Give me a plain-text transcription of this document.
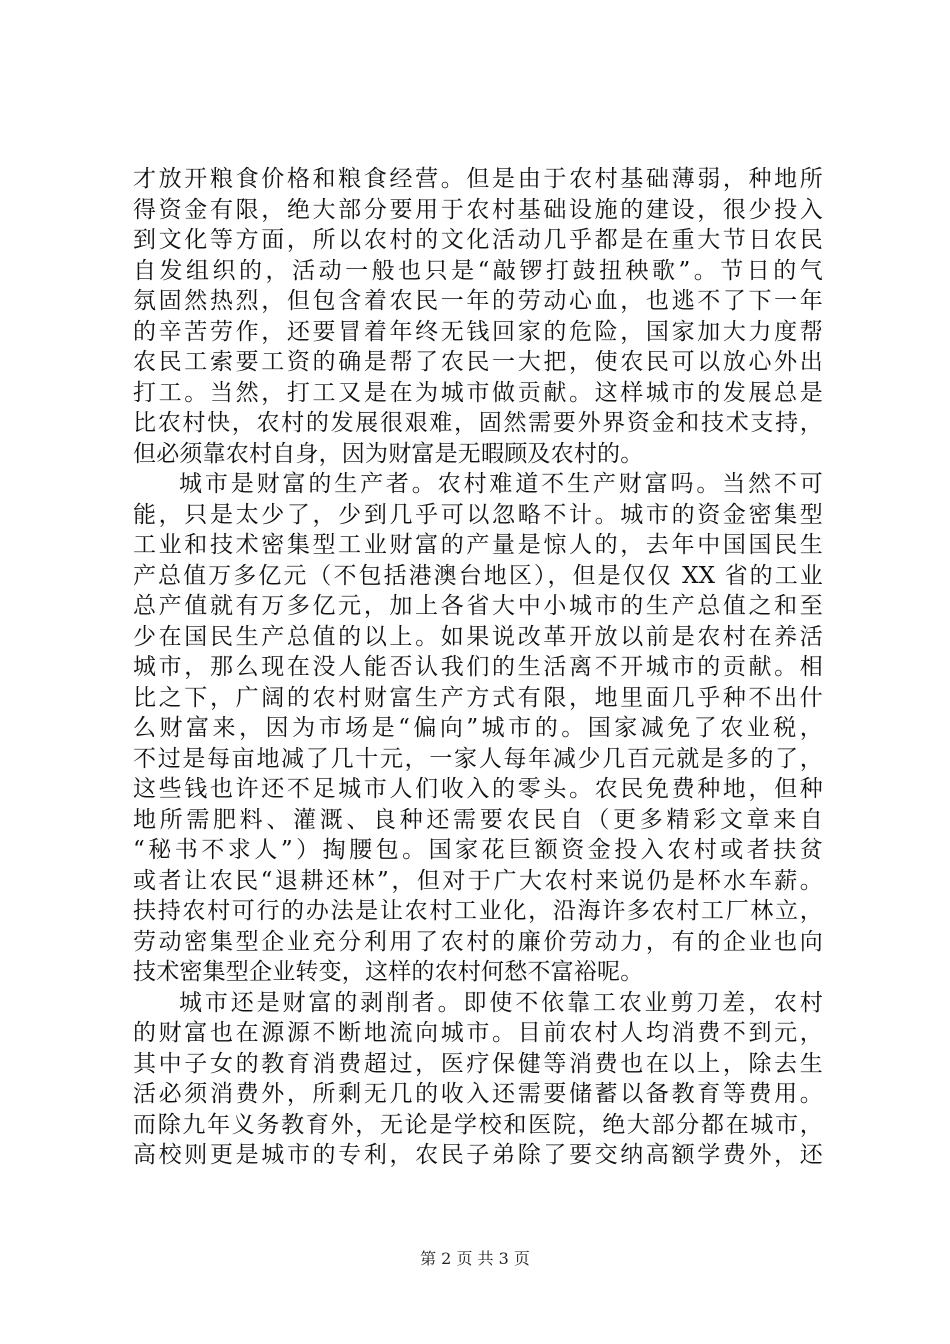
才放开粮食价格和粮食经营。但是由于农村基础薄弱，种地所
得资金有限，绝大部分要用于农村基础设施的建设，很少投入
到文化等方面，所以农村的文化活动几乎都是在重大节日农民
自发组织的，活动一般也只是“敲锣打鼓扭秧歌”。节日的气
氛固然热烈，但包含着农民一年的劳动心血，也逃不了下一年
的辛苦劳作，还要冒着年终无钱回家的危险，国家加大力度帮
农民工索要工资的确是帮了农民一大把，使农民可以放心外出
打工。当然，打工又是在为城市做贡献。这样城市的发展总是
比农村快，农村的发展很艰难，固然需要外界资金和技术支持，
但必须靠农村自身，因为财富是无暇顾及农村的。
城市是财富的生产者。农村难道不生产财富吗。当然不可
能，只是太少了，少到几乎可以忽略不计。城市的资金密集型
工业和技术密集型工业财富的产量是惊人的，去年中国国民生
产总值万多亿元（不包括港澳台地区），但是仅仅 XX 省的工业
总产值就有万多亿元，加上各省大中小城市的生产总值之和至
少在国民生产总值的以上。如果说改革开放以前是农村在养活
城市，那么现在没人能否认我们的生活离不开城市的贡献。相
比之下，广阔的农村财富生产方式有限，地里面几乎种不出什
么财富来，因为市场是“偏向”城市的。国家减免了农业税，
不过是每亩地减了几十元，一家人每年减少几百元就是多的了，
这些钱也许还不足城市人们收入的零头。农民免费种地，但种
地所需肥料、灌溉、良种还需要农民自（更多精彩文章来自
“秘书不求人”）掏腰包。国家花巨额资金投入农村或者扶贫
或者让农民“退耕还林”，但对于广大农村来说仍是杯水车薪。
扶持农村可行的办法是让农村工业化，沿海许多农村工厂林立，
劳动密集型企业充分利用了农村的廉价劳动力，有的企业也向
技术密集型企业转变，这样的农村何愁不富裕呢。
城市还是财富的剥削者。即使不依靠工农业剪刀差，农村
的财富也在源源不断地流向城市。目前农村人均消费不到元，
其中子女的教育消费超过，医疗保健等消费也在以上，除去生
活必须消费外，所剩无几的收入还需要储蓄以备教育等费用。
而除九年义务教育外，无论是学校和医院，绝大部分都在城市，
高校则更是城市的专利，农民子弟除了要交纳高额学费外，还
第 2 页 共 3 页
